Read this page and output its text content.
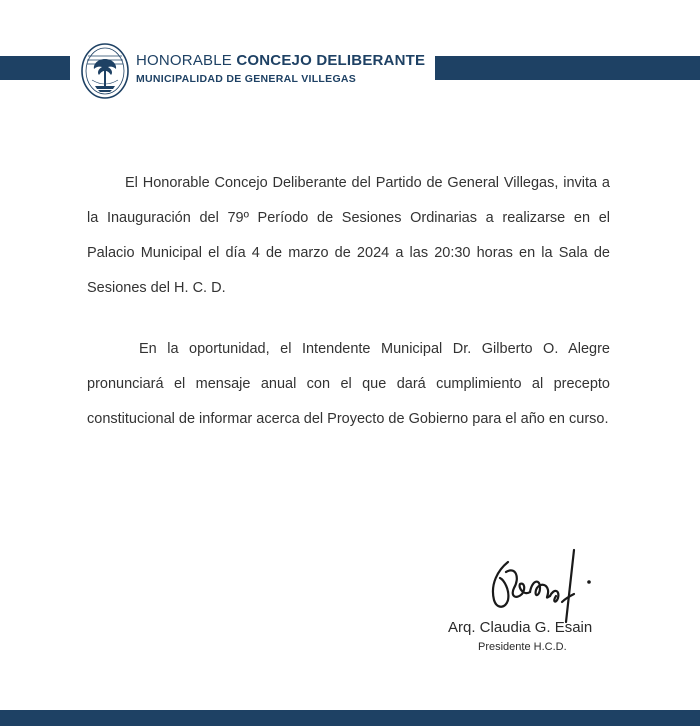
HONORABLE CONCEJO DELIBERANTE
MUNICIPALIDAD DE GENERAL VILLEGAS

El Honorable Concejo Deliberante del Partido de General Villegas, invita a la Inauguración del 79º Período de Sesiones Ordinarias a realizarse en el Palacio Municipal el día 4 de marzo de 2024 a las 20:30 horas en la Sala de Sesiones del H. C. D.

En la oportunidad, el Intendente Municipal Dr. Gilberto O. Alegre pronunciará el mensaje anual con el que dará cumplimiento al precepto constitucional de informar acerca del Proyecto de Gobierno para el año en curso.

Arq. Claudia G. Esain
Presidente H.C.D.
